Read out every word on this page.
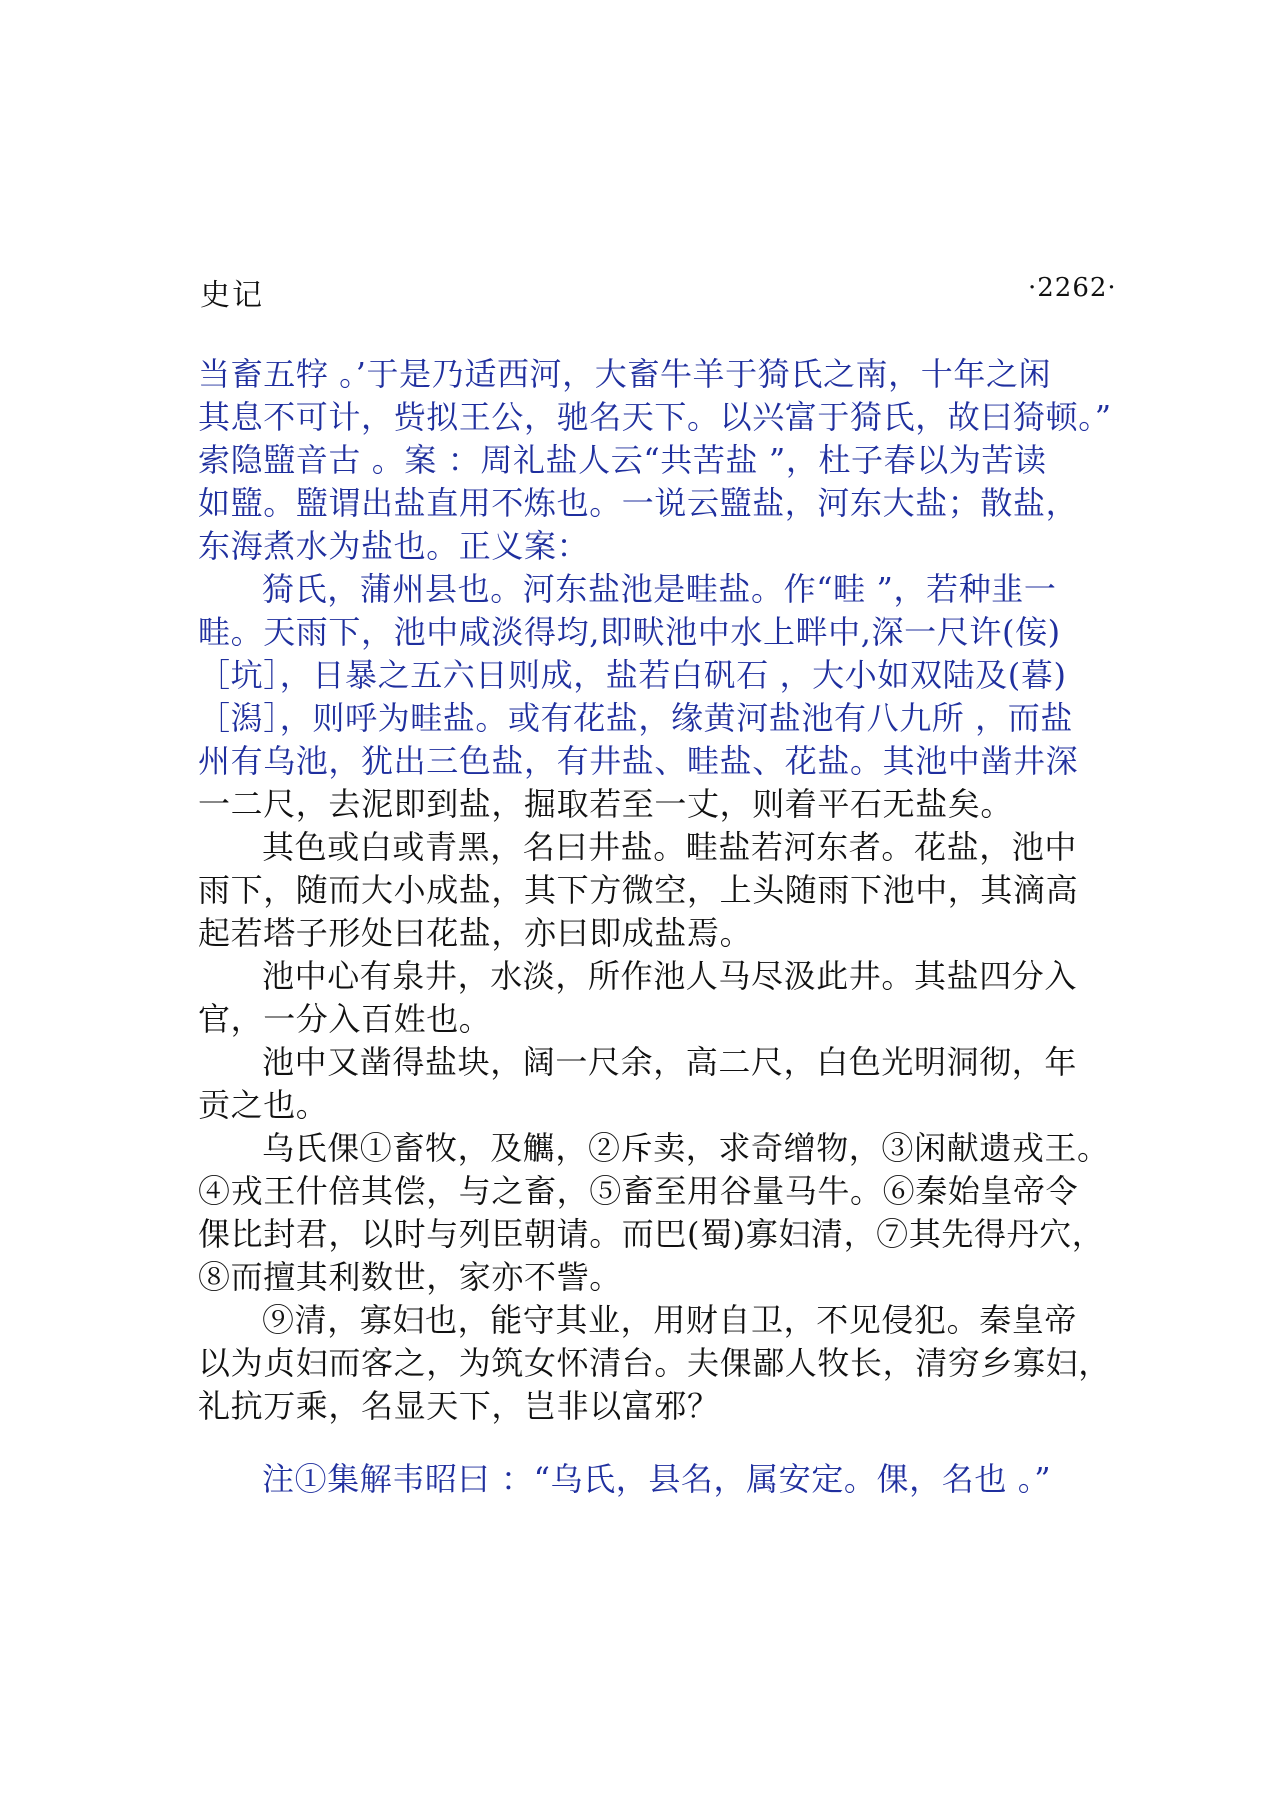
史记	·2262·
当畜五牸 。’于是乃适西河，大畜牛羊于猗氏之南，十年之闲
其息不可计，赀拟王公，驰名天下。以兴富于猗氏，故曰猗顿。”
索隐盬音古 。案 ：周礼盐人云“共苦盐 ”，杜子春以为苦读
如盬。盬谓出盐直用不炼也。一说云盬盐，河东大盐；散盐，
东海煮水为盐也。正义案：
猗氏，蒲州县也。河东盐池是畦盐。作“畦 ”，若种韭一
畦。天雨下，池中咸淡得均,即畎池中水上畔中,深一尺许(侫)
［坑］，日暴之五六日则成，盐若白矾石 ，大小如双陆及(暮)
［潟］，则呼为畦盐。或有花盐，缘黄河盐池有八九所 ，而盐
州有乌池，犹出三色盐，有井盐、畦盐、花盐。其池中凿井深
一二尺，去泥即到盐，掘取若至一丈，则着平石无盐矣。
其色或白或青黑，名曰井盐。畦盐若河东者。花盐，池中
雨下，随而大小成盐，其下方微空，上头随雨下池中，其滴高
起若塔子形处曰花盐，亦曰即成盐焉。
池中心有泉井，水淡，所作池人马尽汲此井。其盐四分入
官，一分入百姓也。
池中又凿得盐块，阔一尺余，高二尺，白色光明洞彻，年
贡之也。
乌氏倮①畜牧，及觽，②斥卖，求奇缯物，③闲献遗戎王。
④戎王什倍其偿，与之畜，⑤畜至用谷量马牛。⑥秦始皇帝令
倮比封君，以时与列臣朝请。而巴(蜀)寡妇清，⑦其先得丹穴，
⑧而擅其利数世，家亦不訾。
⑨清，寡妇也，能守其业，用财自卫，不见侵犯。秦皇帝
以为贞妇而客之，为筑女怀清台。夫倮鄙人牧长，清穷乡寡妇，
礼抗万乘，名显天下，岂非以富邪？
注①集解韦昭曰 ：“乌氏，县名，属安定。倮，名也 。”
